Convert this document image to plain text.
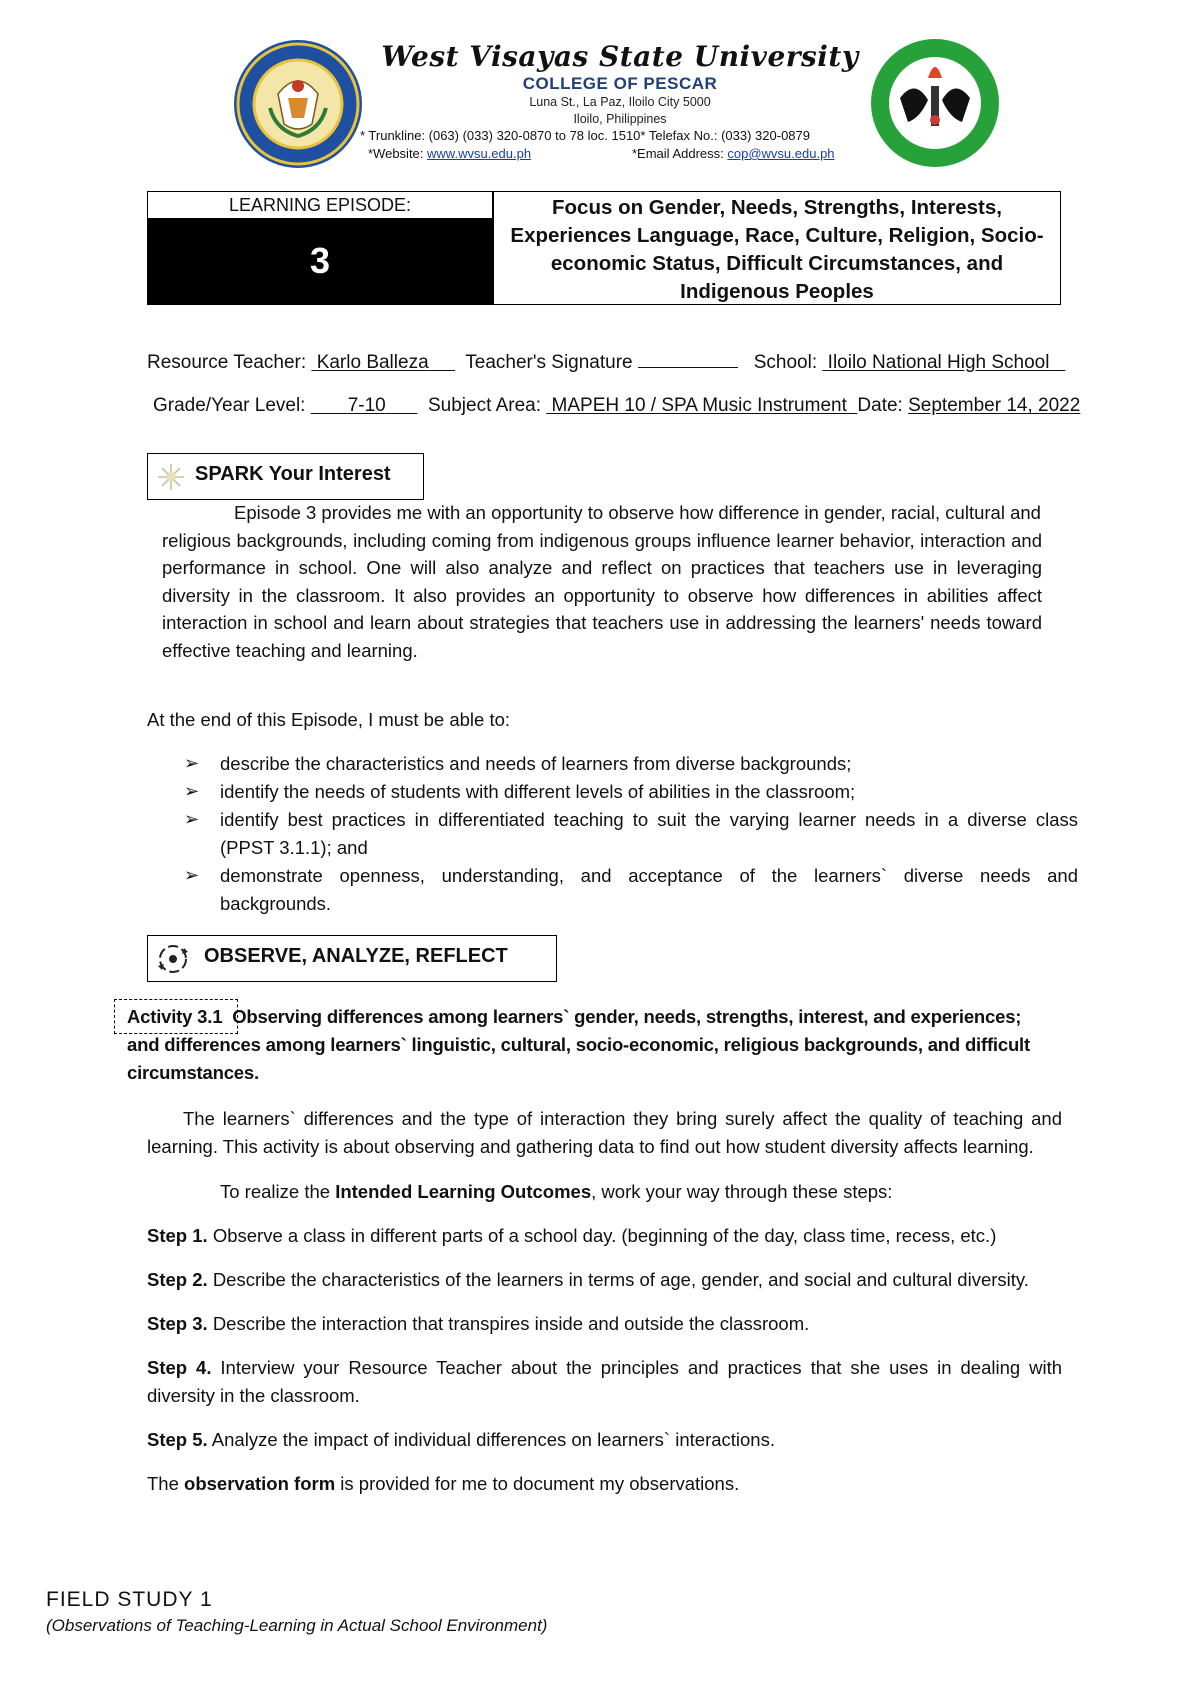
West Visayas State University
COLLEGE OF PESCAR
Luna St., La Paz, Iloilo City 5000
Iloilo, Philippines
* Trunkline: (063) (033) 320-0870 to 78 loc. 1510* Telefax No.: (033) 320-0879
*Website: www.wvsu.edu.ph	*Email Address: cop@wvsu.edu.ph
LEARNING EPISODE:
3
Focus on Gender, Needs, Strengths, Interests,
Experiences Language, Race, Culture, Religion, Socio-
economic Status, Difficult Circumstances, and
Indigenous Peoples
Resource Teacher:  Karlo Balleza Teacher's Signature	School:  Iloilo National High School
Grade/Year Level:        7-10 Subject Area:  MAPEH 10 / SPA Music Instrument Date: September 14, 2022
SPARK Your Interest
Episode 3 provides me with an opportunity to observe how difference in gender, racial, cultural and
religious backgrounds, including coming from indigenous groups influence learner behavior, interaction and
performance in school. One will also analyze and reflect on practices that teachers use in leveraging
diversity in the classroom. It also provides an opportunity to observe how differences in abilities affect
interaction in school and learn about strategies that teachers use in addressing the learners' needs toward
effective teaching and learning.
At the end of this Episode, I must be able to:
➢ describe the characteristics and needs of learners from diverse backgrounds;
➢ identify the needs of students with different levels of abilities in the classroom;
➢ identify best practices in differentiated teaching to suit the varying learner needs in a diverse class
(PPST 3.1.1); and
➢ demonstrate openness, understanding, and acceptance of the learners` diverse needs and
backgrounds.
OBSERVE, ANALYZE, REFLECT
Activity 3.1 Observing differences among learners` gender, needs, strengths, interest, and experiences;
and differences among learners` linguistic, cultural, socio-economic, religious backgrounds, and difficult
circumstances.
The learners` differences and the type of interaction they bring surely affect the quality of teaching and
learning. This activity is about observing and gathering data to find out how student diversity affects learning.
To realize the Intended Learning Outcomes, work your way through these steps:
Step 1. Observe a class in different parts of a school day. (beginning of the day, class time, recess, etc.)
Step 2. Describe the characteristics of the learners in terms of age, gender, and social and cultural diversity.
Step 3. Describe the interaction that transpires inside and outside the classroom.
Step 4. Interview your Resource Teacher about the principles and practices that she uses in dealing with
diversity in the classroom.
Step 5. Analyze the impact of individual differences on learners` interactions.
The observation form is provided for me to document my observations.
FIELD STUDY 1
(Observations of Teaching-Learning in Actual School Environment)
